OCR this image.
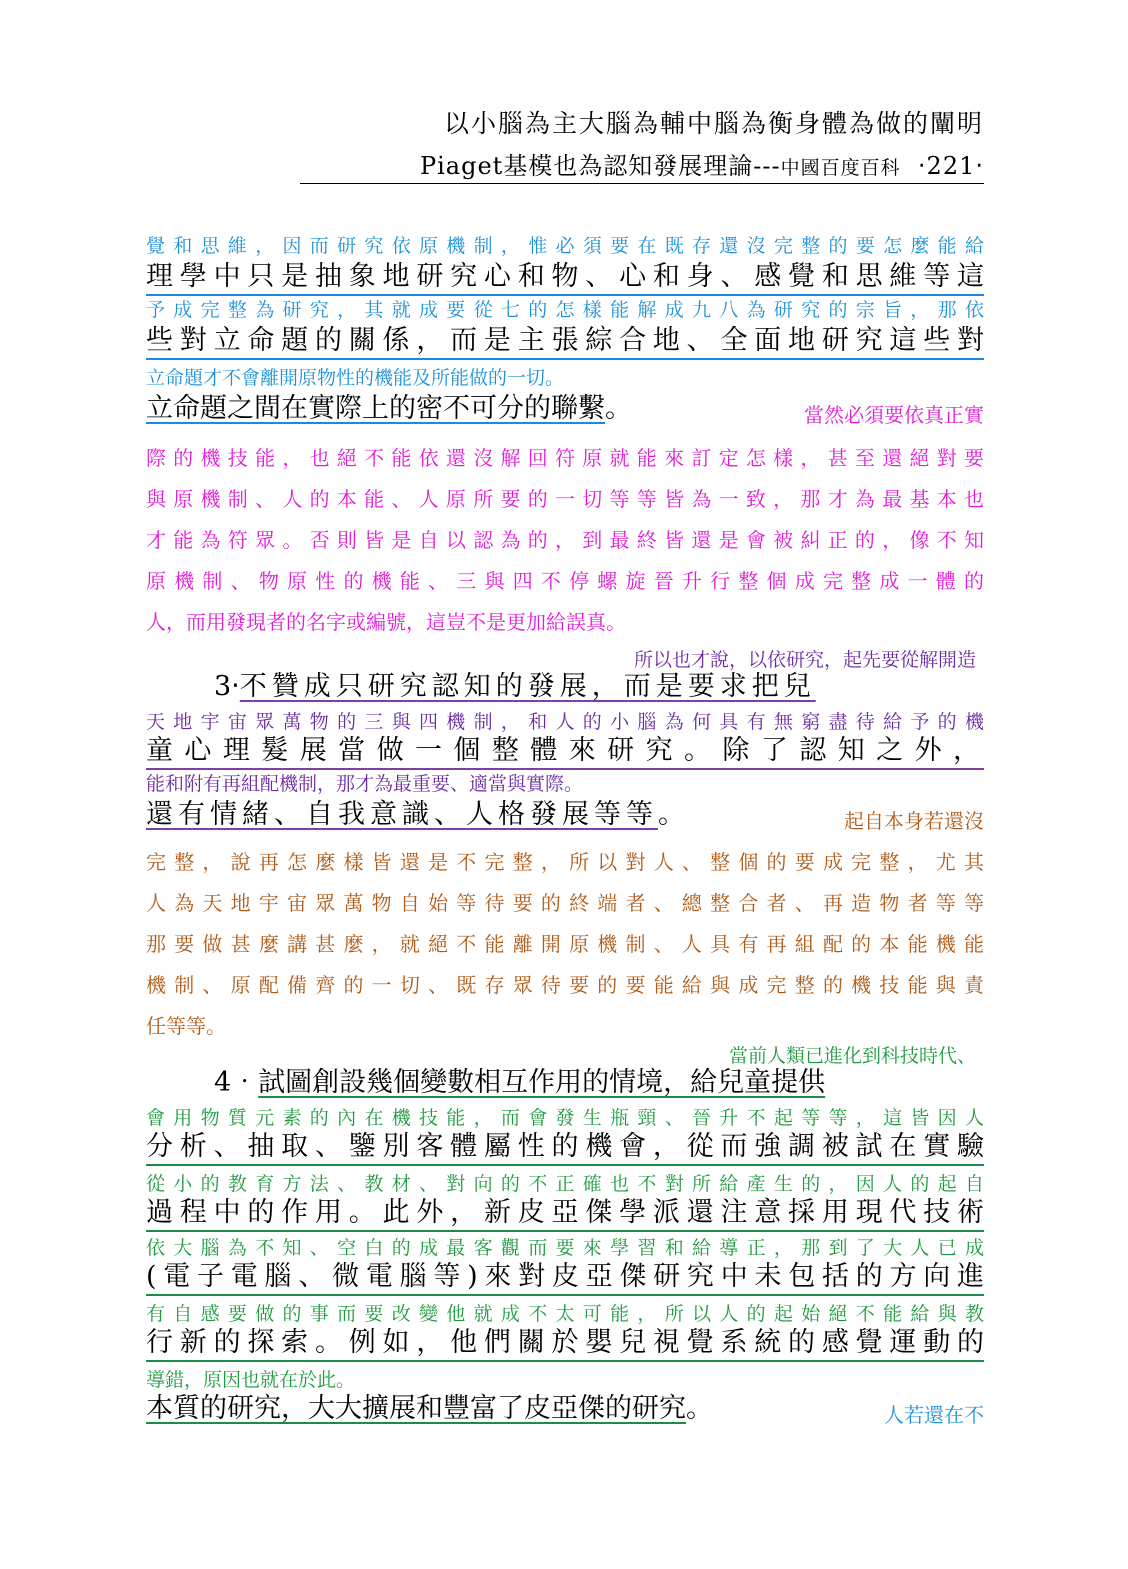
以小腦為主大腦為輔中腦為衡身體為做的闡明
Piaget基模也為認知發展理論---中國百度百科 ‧221‧
覺和思維，因而研究依原機制，惟必須要在既存還沒完整的要怎麼能給
理學中只是抽象地研究心和物、心和身、感覺和思維等這
予成完整為研究，其就成要從七的怎樣能解成九八為研究的宗旨，那依
些對立命題的關係，而是主張綜合地、全面地研究這些對
立命題才不會離開原物性的機能及所能做的一切。
立命題之間在實際上的密不可分的聯繫。	當然必須要依真正實
際的機技能，也絕不能依還沒解回符原就能來訂定怎樣，甚至還絕對要
與原機制、人的本能、人原所要的一切等等皆為一致，那才為最基本也
才能為符眾。否則皆是自以認為的，到最終皆還是會被糾正的，像不知
原機制、物原性的機能、三與四不停螺旋晉升行整個成完整成一體的
人，而用發現者的名字或編號，這豈不是更加給誤真。
所以也才說，以依研究，起先要從解開造
3‧不贊成只研究認知的發展，而是要求把兒
天地宇宙眾萬物的三與四機制，和人的小腦為何具有無窮盡待給予的機
童心理髮展當做一個整體來研究。除了認知之外，
能和附有再組配機制，那才為最重要、適當與實際。
還有情緒、自我意識、人格發展等等。	起自本身若還沒
完整，說再怎麼樣皆還是不完整，所以對人、整個的要成完整，尤其
人為天地宇宙眾萬物自始等待要的終端者、總整合者、再造物者等等
那要做甚麼講甚麼，就絕不能離開原機制、人具有再組配的本能機能
機制、原配備齊的一切、既存眾待要的要能給與成完整的機技能與責
任等等。
當前人類已進化到科技時代、
4‧試圖創設幾個變數相互作用的情境，給兒童提供
會用物質元素的內在機技能，而會發生瓶頸、晉升不起等等，這皆因人
分析、抽取、鑒別客體屬性的機會，從而強調被試在實驗
從小的教育方法、教材、對向的不正確也不對所給產生的，因人的起自
過程中的作用。此外，新皮亞傑學派還注意採用現代技術
依大腦為不知、空白的成最客觀而要來學習和給導正，那到了大人已成
(電子電腦、微電腦等)來對皮亞傑研究中未包括的方向進
有自感要做的事而要改變他就成不太可能，所以人的起始絕不能給與教
行新的探索。例如，他們關於嬰兒視覺系統的感覺運動的
導錯，原因也就在於此。
本質的研究，大大擴展和豐富了皮亞傑的研究。	人若還在不
